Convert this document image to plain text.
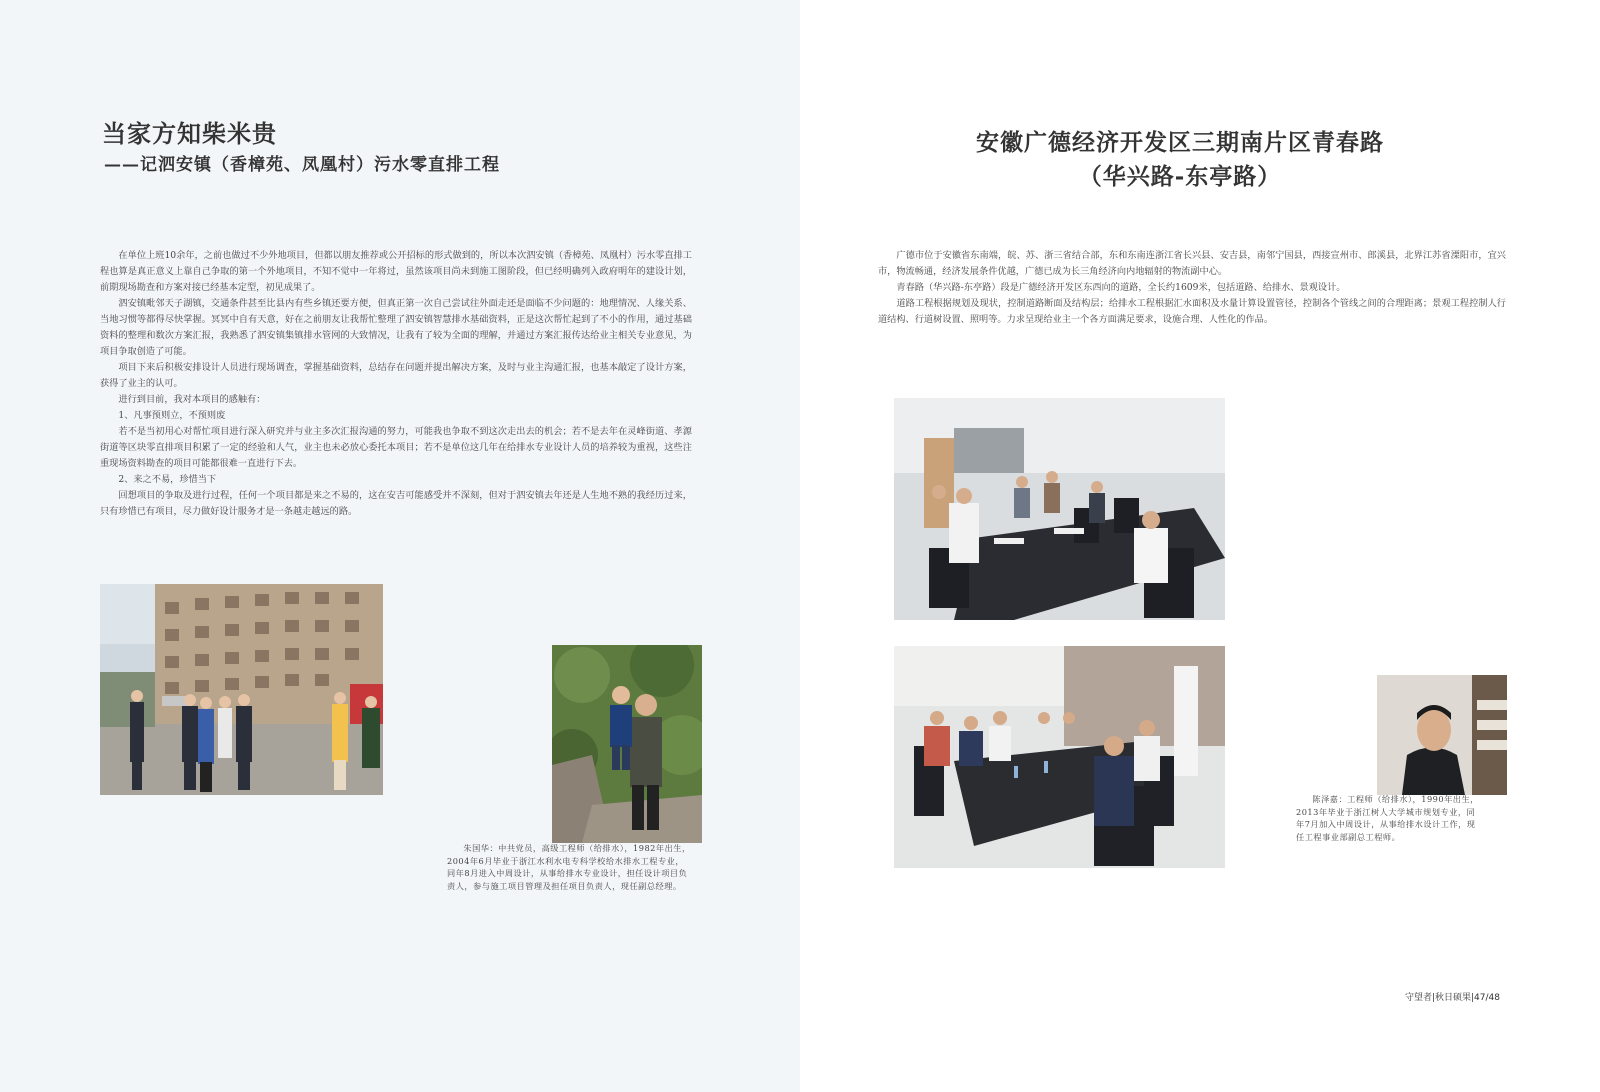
当家方知柴米贵
——记泗安镇（香樟苑、凤凰村）污水零直排工程

在单位上班10余年，之前也做过不少外地项目，但都以朋友推荐或公开招标的形式做到的，所以本次泗安镇（香樟苑、凤凰村）污水零直排工程也算是真正意义上靠自己争取的第一个外地项目，不知不觉中一年将过，虽然该项目尚未到施工图阶段，但已经明确列入政府明年的建设计划，前期现场勘查和方案对接已经基本定型，初见成果了。

泗安镇毗邻天子湖镇，交通条件甚至比县内有些乡镇还要方便，但真正第一次自己尝试往外面走还是面临不少问题的：地理情况、人缘关系、当地习惯等都得尽快掌握。冥冥中自有天意，好在之前朋友让我帮忙整理了泗安镇智慧排水基础资料，正是这次帮忙起到了不小的作用，通过基础资料的整理和数次方案汇报，我熟悉了泗安镇集镇排水管网的大致情况，让我有了较为全面的理解，并通过方案汇报传达给业主相关专业意见，为项目争取创造了可能。

项目下来后积极安排设计人员进行现场调查，掌握基础资料，总结存在问题并提出解决方案，及时与业主沟通汇报，也基本敲定了设计方案，获得了业主的认可。

进行到目前，我对本项目的感触有：

1、凡事预则立，不预则废

若不是当初用心对帮忙项目进行深入研究并与业主多次汇报沟通的努力，可能我也争取不到这次走出去的机会；若不是去年在灵峰街道、孝源街道等区块零直排项目积累了一定的经验和人气，业主也未必放心委托本项目；若不是单位这几年在给排水专业设计人员的培养较为重视，这些注重现场资料勘查的项目可能都很难一直进行下去。

2、来之不易，珍惜当下

回想项目的争取及进行过程，任何一个项目都是来之不易的，这在安吉可能感受并不深刻，但对于泗安镇去年还是人生地不熟的我经历过来，只有珍惜已有项目，尽力做好设计服务才是一条越走越远的路。

朱国华：中共党员，高级工程师（给排水），1982年出生，2004年6月毕业于浙江水利水电专科学校给水排水工程专业，同年8月进入中周设计，从事给排水专业设计，担任设计项目负责人，参与施工项目管理及担任项目负责人，现任副总经理。

安徽广德经济开发区三期南片区青春路
（华兴路-东亭路）

广德市位于安徽省东南端，皖、苏、浙三省结合部，东和东南连浙江省长兴县、安吉县，南邻宁国县，西接宣州市、郎溪县，北界江苏省溧阳市，宜兴市，物流畅通，经济发展条件优越，广德已成为长三角经济向内地辐射的物流副中心。

青春路（华兴路-东亭路）段是广德经济开发区东西向的道路，全长约1609米，包括道路、给排水、景观设计。

道路工程根据规划及现状，控制道路断面及结构层；给排水工程根据汇水面积及水量计算设置管径，控制各个管线之间的合理距离；景观工程控制人行道结构、行道树设置、照明等。力求呈现给业主一个各方面满足要求，设施合理、人性化的作品。

陈泽嘉：工程师（给排水），1990年出生，2013年毕业于浙江树人大学城市规划专业，同年7月加入中周设计，从事给排水设计工作，现任工程事业部副总工程师。

守望者|秋日硕果|47/48
